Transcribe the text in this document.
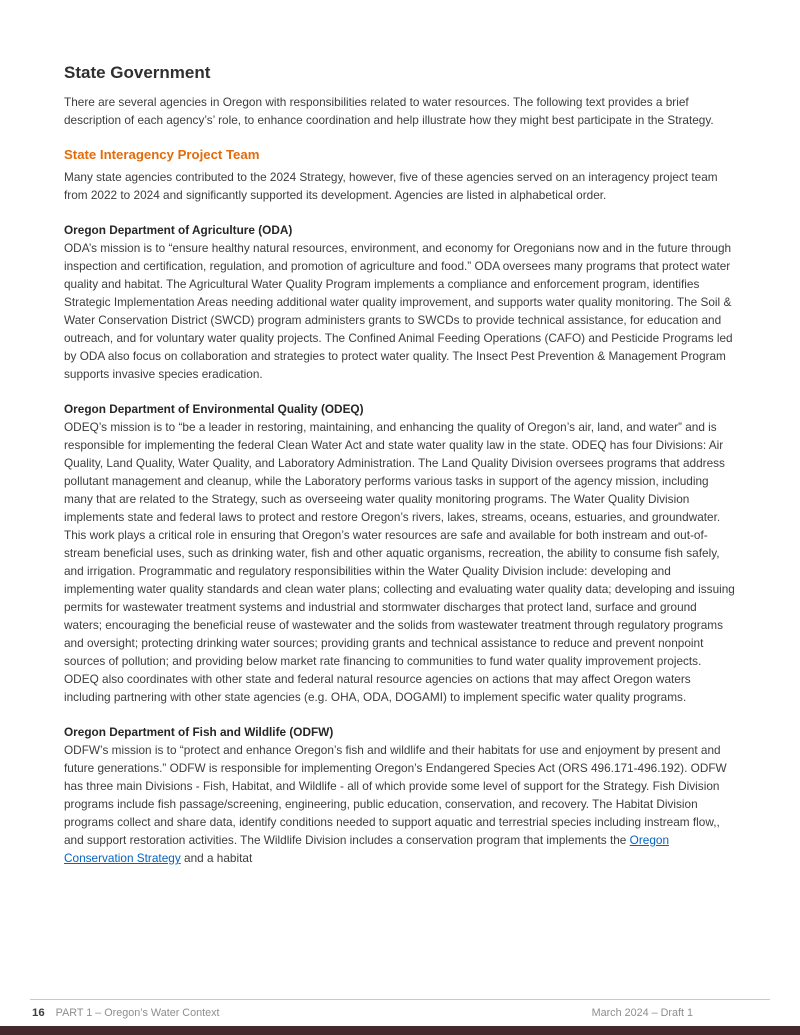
State Government

There are several agencies in Oregon with responsibilities related to water resources. The following text provides a brief description of each agency’s’ role, to enhance coordination and help illustrate how they might best participate in the Strategy.

State Interagency Project Team

Many state agencies contributed to the 2024 Strategy, however, five of these agencies served on an interagency project team from 2022 to 2024 and significantly supported its development. Agencies are listed in alphabetical order.

Oregon Department of Agriculture (ODA)

ODA’s mission is to “ensure healthy natural resources, environment, and economy for Oregonians now and in the future through inspection and certification, regulation, and promotion of agriculture and food.” ODA oversees many programs that protect water quality and habitat. The Agricultural Water Quality Program implements a compliance and enforcement program, identifies Strategic Implementation Areas needing additional water quality improvement, and supports water quality monitoring. The Soil & Water Conservation District (SWCD) program administers grants to SWCDs to provide technical assistance, for education and outreach, and for voluntary water quality projects. The Confined Animal Feeding Operations (CAFO) and Pesticide Programs led by ODA also focus on collaboration and strategies to protect water quality. The Insect Pest Prevention & Management Program supports invasive species eradication.

Oregon Department of Environmental Quality (ODEQ)

ODEQ’s mission is to “be a leader in restoring, maintaining, and enhancing the quality of Oregon’s air, land, and water” and is responsible for implementing the federal Clean Water Act and state water quality law in the state. ODEQ has four Divisions: Air Quality, Land Quality, Water Quality, and Laboratory Administration. The Land Quality Division oversees programs that address pollutant management and cleanup, while the Laboratory performs various tasks in support of the agency mission, including many that are related to the Strategy, such as overseeing water quality monitoring programs. The Water Quality Division implements state and federal laws to protect and restore Oregon’s rivers, lakes, streams, oceans, estuaries, and groundwater. This work plays a critical role in ensuring that Oregon’s water resources are safe and available for both instream and out-of-stream beneficial uses, such as drinking water, fish and other aquatic organisms, recreation, the ability to consume fish safely, and irrigation. Programmatic and regulatory responsibilities within the Water Quality Division include: developing and implementing water quality standards and clean water plans; collecting and evaluating water quality data; developing and issuing permits for wastewater treatment systems and industrial and stormwater discharges that protect land, surface and ground waters; encouraging the beneficial reuse of wastewater and the solids from wastewater treatment through regulatory programs and oversight; protecting drinking water sources; providing grants and technical assistance to reduce and prevent nonpoint sources of pollution; and providing below market rate financing to communities to fund water quality improvement projects. ODEQ also coordinates with other state and federal natural resource agencies on actions that may affect Oregon waters including partnering with other state agencies (e.g. OHA, ODA, DOGAMI) to implement specific water quality programs.

Oregon Department of Fish and Wildlife (ODFW)

ODFW’s mission is to “protect and enhance Oregon’s fish and wildlife and their habitats for use and enjoyment by present and future generations.” ODFW is responsible for implementing Oregon’s Endangered Species Act (ORS 496.171-496.192). ODFW has three main Divisions - Fish, Habitat, and Wildlife - all of which provide some level of support for the Strategy. Fish Division programs include fish passage/screening, engineering, public education, conservation, and recovery. The Habitat Division programs collect and share data, identify conditions needed to support aquatic and terrestrial species including instream flow,, and support restoration activities. The Wildlife Division includes a conservation program that implements the Oregon Conservation Strategy and a habitat

16 PART 1 – Oregon’s Water Context	March 2024 – Draft 1
